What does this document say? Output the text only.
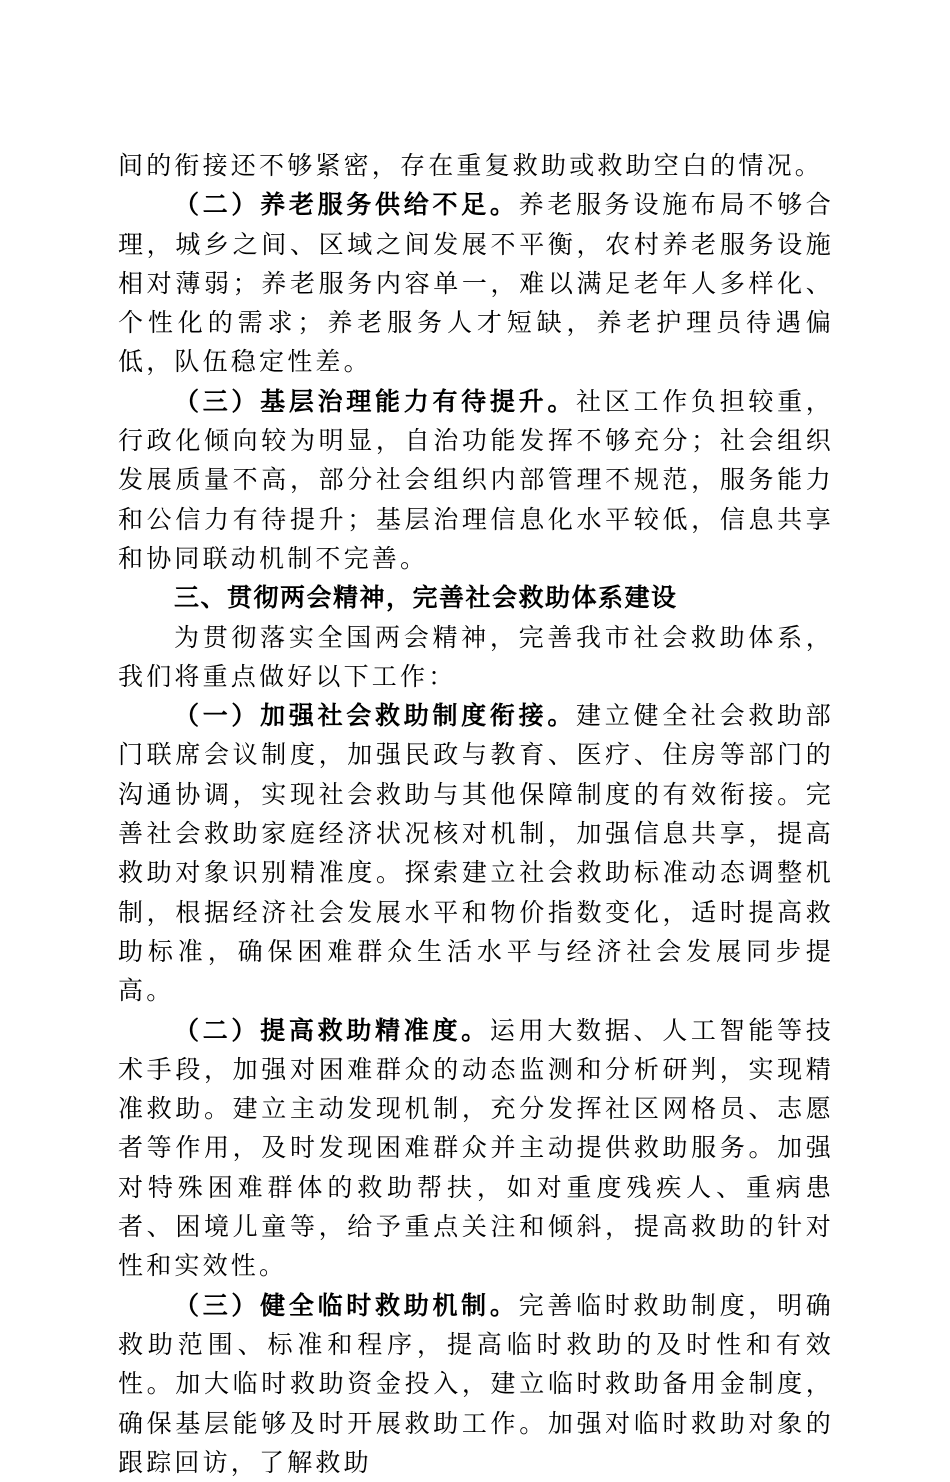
间的衔接还不够紧密，存在重复救助或救助空白的情况。

（二）养老服务供给不足。养老服务设施布局不够合理，城乡之间、区域之间发展不平衡，农村养老服务设施相对薄弱；养老服务内容单一，难以满足老年人多样化、个性化的需求；养老服务人才短缺，养老护理员待遇偏低，队伍稳定性差。

（三）基层治理能力有待提升。社区工作负担较重，行政化倾向较为明显，自治功能发挥不够充分；社会组织发展质量不高，部分社会组织内部管理不规范，服务能力和公信力有待提升；基层治理信息化水平较低，信息共享和协同联动机制不完善。

三、贯彻两会精神，完善社会救助体系建设

为贯彻落实全国两会精神，完善我市社会救助体系，我们将重点做好以下工作：

（一）加强社会救助制度衔接。建立健全社会救助部门联席会议制度，加强民政与教育、医疗、住房等部门的沟通协调，实现社会救助与其他保障制度的有效衔接。完善社会救助家庭经济状况核对机制，加强信息共享，提高救助对象识别精准度。探索建立社会救助标准动态调整机制，根据经济社会发展水平和物价指数变化，适时提高救助标准，确保困难群众生活水平与经济社会发展同步提高。

（二）提高救助精准度。运用大数据、人工智能等技术手段，加强对困难群众的动态监测和分析研判，实现精准救助。建立主动发现机制，充分发挥社区网格员、志愿者等作用，及时发现困难群众并主动提供救助服务。加强对特殊困难群体的救助帮扶，如对重度残疾人、重病患者、困境儿童等，给予重点关注和倾斜，提高救助的针对性和实效性。

（三）健全临时救助机制。完善临时救助制度，明确救助范围、标准和程序，提高临时救助的及时性和有效性。加大临时救助资金投入，建立临时救助备用金制度，确保基层能够及时开展救助工作。加强对临时救助对象的跟踪回访，了解救助
